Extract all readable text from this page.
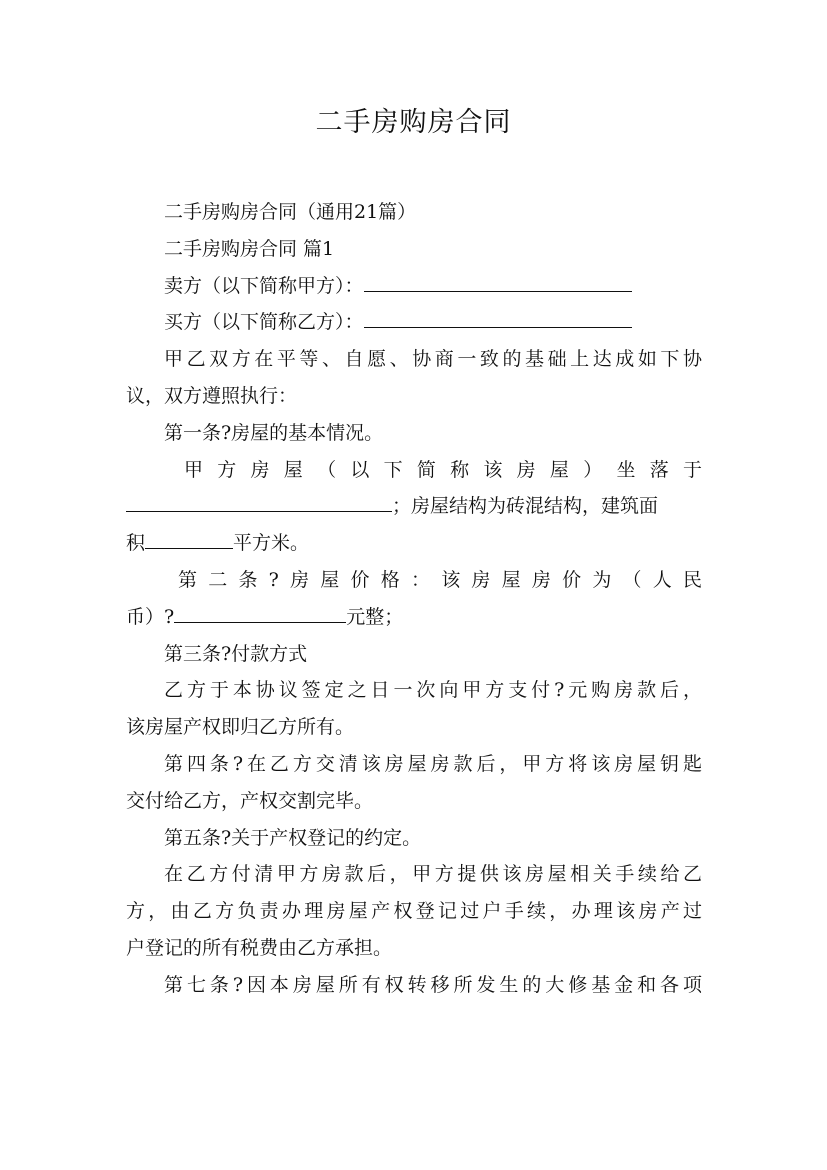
二手房购房合同

二手房购房合同（通用21篇）

二手房购房合同 篇1

卖方（以下简称甲方）：

买方（以下简称乙方）：

甲乙双方在平等、自愿、协商一致的基础上达成如下协
议，双方遵照执行：

第一条?房屋的基本情况。

甲方房屋（以下简称该房屋）坐落于
；房屋结构为砖混结构，建筑面
积	平方米。

第二条?房屋价格：该房屋房价为（人民
币）?	元整；

第三条?付款方式

乙方于本协议签定之日一次向甲方支付?元购房款后，
该房屋产权即归乙方所有。

第四条?在乙方交清该房屋房款后，甲方将该房屋钥匙
交付给乙方，产权交割完毕。

第五条?关于产权登记的约定。

在乙方付清甲方房款后，甲方提供该房屋相关手续给乙
方，由乙方负责办理房屋产权登记过户手续，办理该房产过
户登记的所有税费由乙方承担。

第七条?因本房屋所有权转移所发生的大修基金和各项
